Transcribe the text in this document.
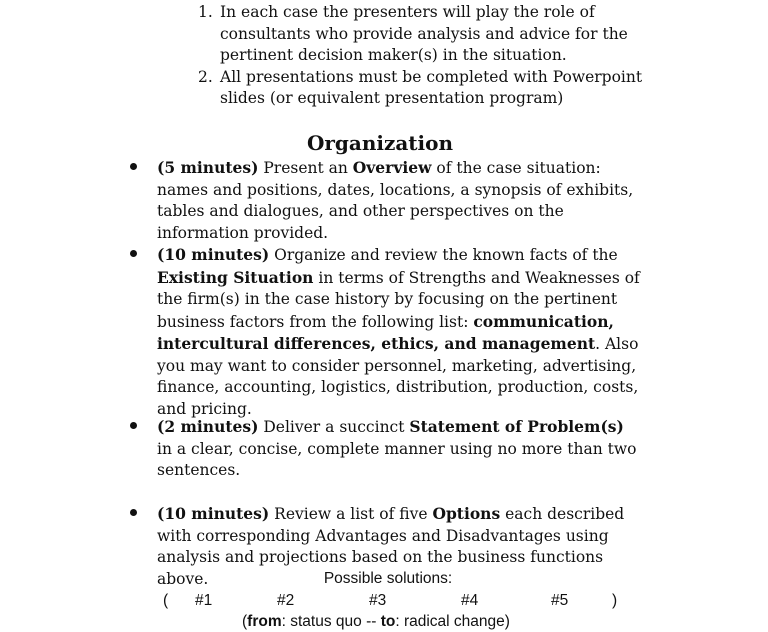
1. In each case the presenters will play the role of
consultants who provide analysis and advice for the
pertinent decision maker(s) in the situation.
2. All presentations must be completed with Powerpoint
slides (or equivalent presentation program)
Organization
(5 minutes) Present an Overview of the case situation: names and positions, dates, locations, a synopsis of exhibits, tables and dialogues, and other perspectives on the information provided.
(10 minutes) Organize and review the known facts of the Existing Situation in terms of Strengths and Weaknesses of the firm(s) in the case history by focusing on the pertinent business factors from the following list: communication, intercultural differences, ethics, and management. Also you may want to consider personnel, marketing, advertising, finance, accounting, logistics, distribution, production, costs, and pricing.
(2 minutes) Deliver a succinct Statement of Problem(s) in a clear, concise, complete manner using no more than two sentences.
(10 minutes) Review a list of five Options each described with corresponding Advantages and Disadvantages using analysis and projections based on the business functions above.	Possible solutions:
( #1	#2	#3	#4	#5	)
(from: status quo -- to: radical change)
